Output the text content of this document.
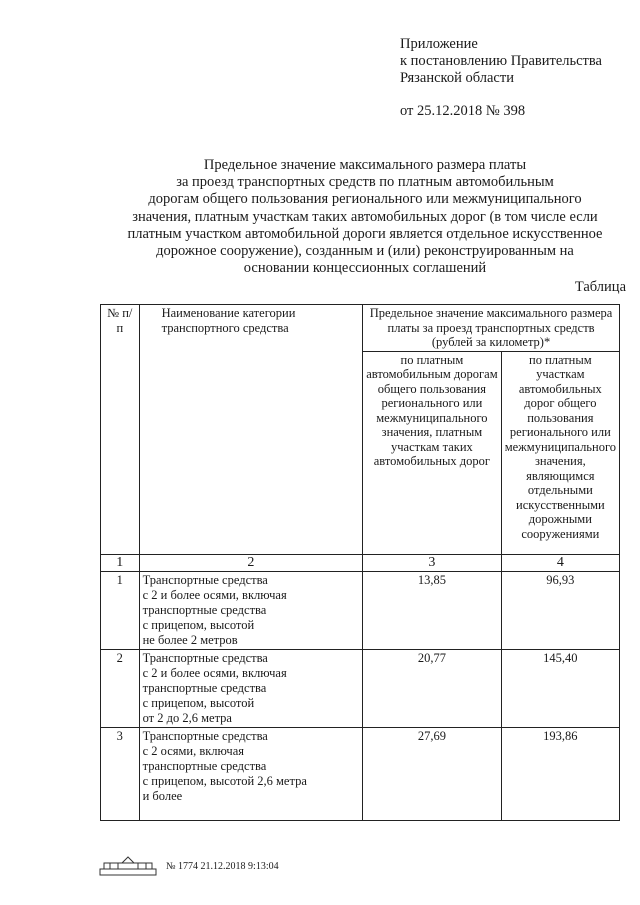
Приложение
к постановлению Правительства
Рязанской области
от 25.12.2018 № 398
Предельное значение максимального размера платы
за проезд транспортных средств по платным автомобильным
дорогам общего пользования регионального или межмуниципального
значения, платным участкам таких автомобильных дорог (в том числе если
платным участком автомобильной дороги является отдельное искусственное
дорожное сооружение), созданным и (или) реконструированным на
основании концессионных соглашений
Таблица
№ п/п	Наименование категории транспортного средства	Предельное значение максимального размера платы за проезд транспортных средств (рублей за километр)*	
		по платным автомобильным дорогам общего пользования регионального или межмуниципального значения, платным участкам таких автомобильных дорог	по платным участкам автомобильных дорог общего пользования регионального или межмуниципального значения, являющимся отдельными искусственными дорожными сооружениями
1	2	3	4
1	Транспортные средства
с 2 и более осями, включая
транспортные средства
с прицепом, высотой
не более 2 метров	13,85	96,93
2	Транспортные средства
с 2 и более осями, включая
транспортные средства
с прицепом, высотой
от 2 до 2,6 метра	20,77	145,40
3	Транспортные средства
с 2 осями, включая
транспортные средства
с прицепом, высотой 2,6 метра
и более	27,69	193,86
№ 1774 21.12.2018 9:13:04
